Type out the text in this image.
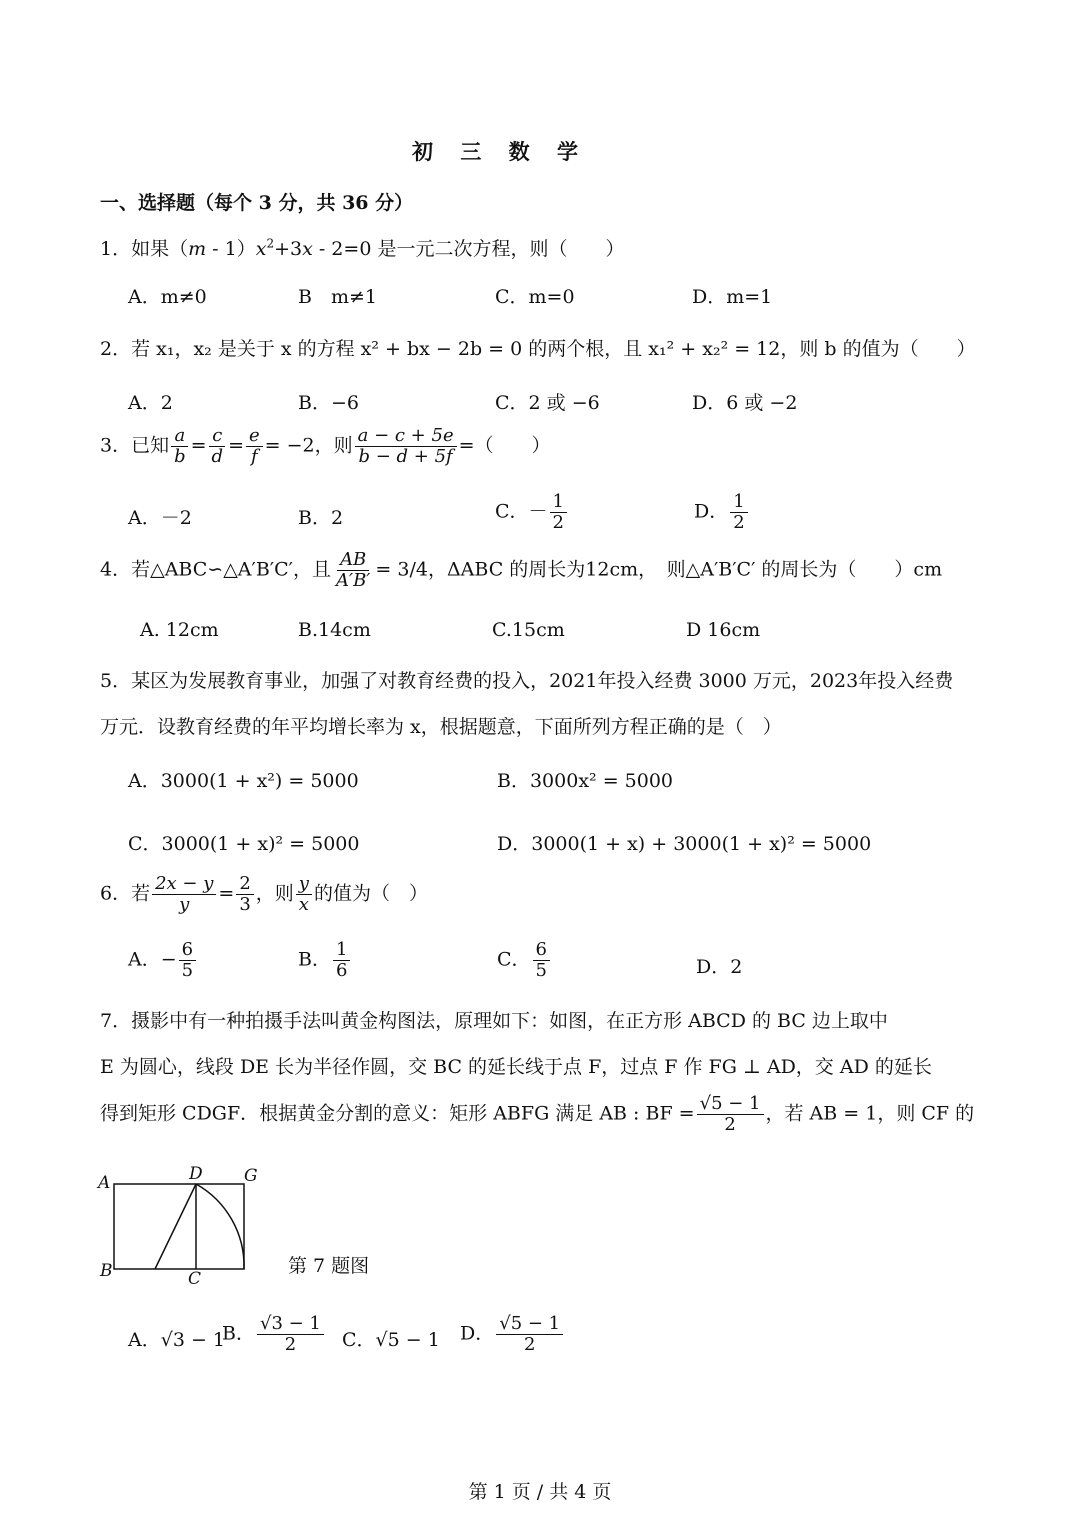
初 三 数 学
一、选择题（每个 3 分，共 36 分）
1．如果$(m - 1)x^2+3x - 2=0$ 是一元二次方程，则（　　）
A．m≠0	B　m≠1	C．m=0	D．m=1
2．若 x₁，x₂ 是关于 x 的方程 x² + bx − 2b = 0 的两个根，且 x₁² + x₂² = 12，则 b 的值为（　　）
A．2	B．−6	C．2 或 −6	D．6 或 −2
3．已知 $\frac{a}{b} = \frac{c}{d} = \frac{e}{f} = -2$，则 $\frac{a - c + 5e}{b - d + 5f}$ =（　　）
A．－2	B．2	C．－ $\frac{1}{2}$	D． $\frac{1}{2}$
4．若△ABC∽△A′B′C′，且 $\frac{AB}{A'B'} = 3/4$，ΔABC 的周长为12cm，　则△A′B′C′ 的周长为（　　）cm
A. 12cm	B.14cm	C.15cm	D 16cm
5．某区为发展教育事业，加强了对教育经费的投入，2021年投入经费 3000 万元，2023年投入经费
万元．设教育经费的年平均增长率为 x，根据题意，下面所列方程正确的是（　）
A．3000(1 + x²) = 5000	B．3000x² = 5000
C．3000(1 + x)² = 5000	D．3000(1 + x) + 3000(1 + x)² = 5000
6．若 $\frac{2x - y}{y} = \frac{2}{3}$ ，则 $\frac{y}{x}$ 的值为（　）
A．− $\frac{6}{5}$	B． $\frac{1}{6}$	C． $\frac{6}{5}$	D．2
7．摄影中有一种拍摄手法叫黄金构图法，原理如下：如图，在正方形 ABCD 的 BC 边上取中
E 为圆心，线段 DE 长为半径作圆，交 BC 的延长线于点 F，过点 F 作 FG ⊥ AD，交 AD 的延长
得到矩形 CDGF．根据黄金分割的意义：矩形 ABFG 满足 AB : BF = $\frac{√5 - 1}{2}$ ，若 AB = 1，则 CF 的
A
B	C
D G
第 7 题图
A．√3 − 1
B． $\frac{√3 - 1}{2}$ C．√5 − 1 D． $\frac{√5 - 1}{2}$
第 1 页 / 共 4 页
